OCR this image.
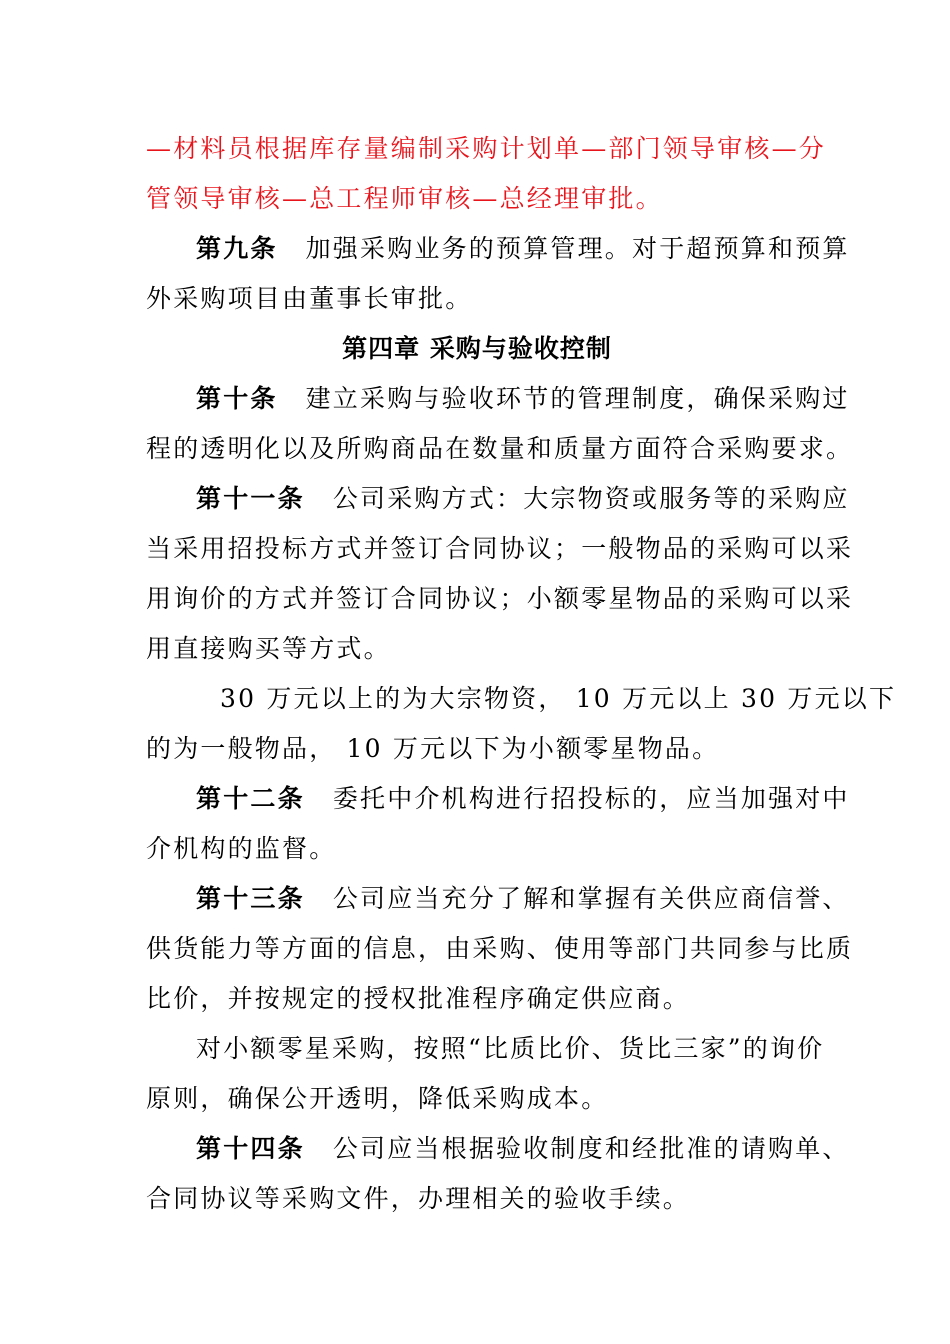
—材料员根据库存量编制采购计划单—部门领导审核—分
管领导审核—总工程师审核—总经理审批。
第九条 加强采购业务的预算管理。对于超预算和预算
外采购项目由董事长审批。
第四章 采购与验收控制
第十条 建立采购与验收环节的管理制度，确保采购过
程的透明化以及所购商品在数量和质量方面符合采购要求。
第十一条 公司采购方式：大宗物资或服务等的采购应
当采用招投标方式并签订合同协议；一般物品的采购可以采
用询价的方式并签订合同协议；小额零星物品的采购可以采
用直接购买等方式。
30 万元以上的为大宗物资， 10 万元以上 30 万元以下
的为一般物品， 10 万元以下为小额零星物品。
第十二条 委托中介机构进行招投标的，应当加强对中
介机构的监督。
第十三条 公司应当充分了解和掌握有关供应商信誉、
供货能力等方面的信息，由采购、使用等部门共同参与比质
比价，并按规定的授权批准程序确定供应商。
对小额零星采购，按照“比质比价、货比三家”的询价
原则，确保公开透明，降低采购成本。
第十四条 公司应当根据验收制度和经批准的请购单、
合同协议等采购文件，办理相关的验收手续。
